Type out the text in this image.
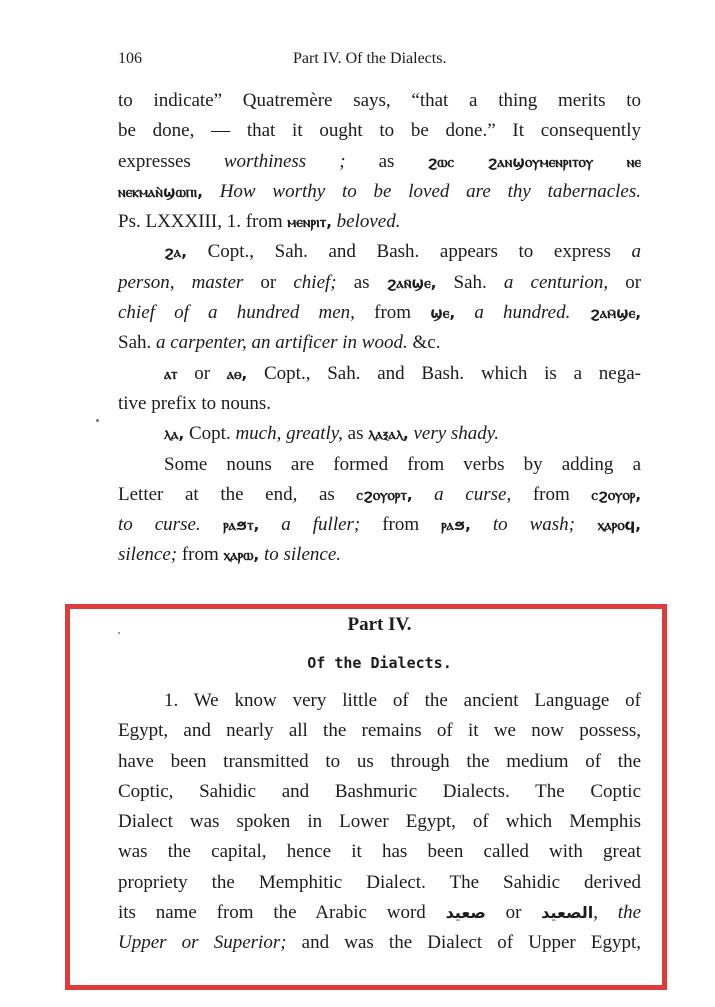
106	Part IV. Of the Dialects.
to indicate” Quatremère says, “that a thing merits to
be done, — that it ought to be done.” It consequently
expresses worthiness ; as ϩⲱⲥ ϩⲁⲛϣⲟⲩⲙⲉⲛⲣⲓⲧⲟⲩ ⲛⲉ
ⲛⲉⲕⲙⲁⲛ̀ϣⲱⲡⲓ, How worthy to be loved are thy tabernacles.
Ps. LXXXIII, 1. from ⲙⲉⲛⲣⲓⲧ, beloved.
ϩⲁ, Copt., Sah. and Bash. appears to express a
person, master or chief; as ϩⲁⲛ̄ϣⲉ, Sah. a centurion, or
chief of a hundred men, from ϣⲉ, a hundred. ϩⲁⲙ̄ϣⲉ,
Sah. a carpenter, an artificer in wood. &c.
ⲁⲧ or ⲁⲑ, Copt., Sah. and Bash. which is a nega-
tive prefix to nouns.
ⲗⲁ, Copt. much, greatly, as ⲗⲁⲝⲁⲗ, very shady.
Some nouns are formed from verbs by adding a
Letter at the end, as ⲥϩⲟⲩⲟⲣⲧ, a curse, from ⲥϩⲟⲩⲟⲣ,
to curse. ⲣⲁϧⲧ, a fuller; from ⲣⲁϧ, to wash; ⲭⲁⲣⲟϥ,
silence; from ⲭⲁⲣⲱ, to silence.
Part IV.
Of the Dialects.
1. We know very little of the ancient Language of
Egypt, and nearly all the remains of it we now possess,
have been transmitted to us through the medium of the
Coptic, Sahidic and Bashmuric Dialects. The Coptic
Dialect was spoken in Lower Egypt, of which Memphis
was the capital, hence it has been called with great
propriety the Memphitic Dialect. The Sahidic derived
its name from the Arabic word صعيد or الصعيد, the
Upper or Superior; and was the Dialect of Upper Egypt,
